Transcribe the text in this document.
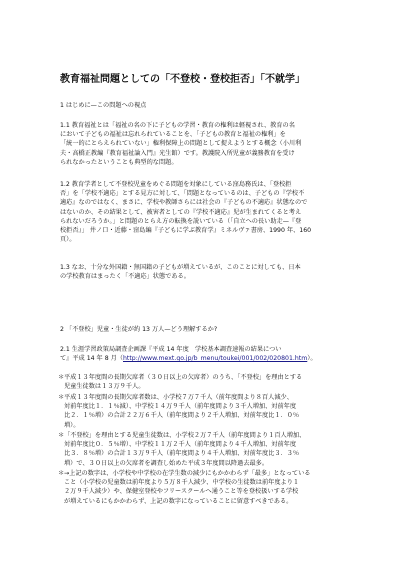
教育福祉問題としての「不登校・登校拒否」「不就学」
1 はじめに—この問題への視点
1.1 教育福祉とは「福祉の名の下に子どもの学習・教育の権利は軽視され、教育の名
において子どもの福祉は忘れられていることを、「子どもの教育と福祉の権利」を
「統一的にとらえられていない」権利保障上の問題として捉えようとする概念（小川利
夫・高橋正教編『教育福祉論入門』光生館）です。教護院入所児童が義務教育を受け
られなかったということも典型的な問題。
1.2 教育学者として不登校児童をめぐる問題を対象にしている窪島務氏は、「登校拒
否」を「学校不適応」とする見方に対して、「問題となっているのは、子どもの『学校不
適応』なのではなく、まさに、学校や教師さらには社会の『子どもの不適応』状態なので
はないのか、その結果として、被害者としての『学校不適応』児が生まれてくると考え
られないだろうか。」と問題のとらえ方の転換を説いている（「自立への長い助走—『登
校拒否』」 井ノ口・近藤・窪島編『子どもに学ぶ教育学』ミネルヴァ書房、1990 年、160
頁）。
1.3 なお、十分な外国籍・無国籍の子どもが増えているが、このことに対しても、日本
の学校教育はまったく「不適応」状態である。
2 「不登校」児童・生徒が約 13 万人—どう理解するか?
2.1 生涯学習政策局調査企画課『平成 14 年度　学校基本調査速報の結果につい
て』平成 14 年 8 月（http://www.mext.go.jp/b_menu/toukei/001/002/020801.htm）。
＊平成１３年度間の長期欠席者（３０日以上の欠席者）のうち、「不登校」を理由とする
児童生徒数は１３万９千人。
＊平成１３年度間の長期欠席者数は、小学校７万７千人（前年度間より８百人減少、
対前年度比１．１％減）、中学校１４万９千人（前年度間より３千人増加、対前年度
比２．１％増）の合計２２万６千人（前年度間より２千人増加、対前年度比１．０％
増）。
＊「不登校」を理由とする児童生徒数は、小学校２万７千人（前年度間より１百人増加、
対前年度比０．５％増）、中学校１１万２千人（前年度間より４千人増加、対前年度
比３．８％増）の合計１３万９千人（前年度間より４千人増加、対前年度比３．３％
増）で、３０日以上の欠席者を調査し始めた平成３年度間以降過去最多。
＊→上記の数字は、小学校や中学校の在学生数の減少にもかかわらず「最多」となっている
こと（小学校の児童数は前年度より５万８千人減少、中学校の生徒数は前年度より１
２万９千人減少）や、保健室登校やフリースクールへ通うこと等を登校扱いする学校
が増えているにもかかわらず、上記の数字になっていることに留意すべきである。
